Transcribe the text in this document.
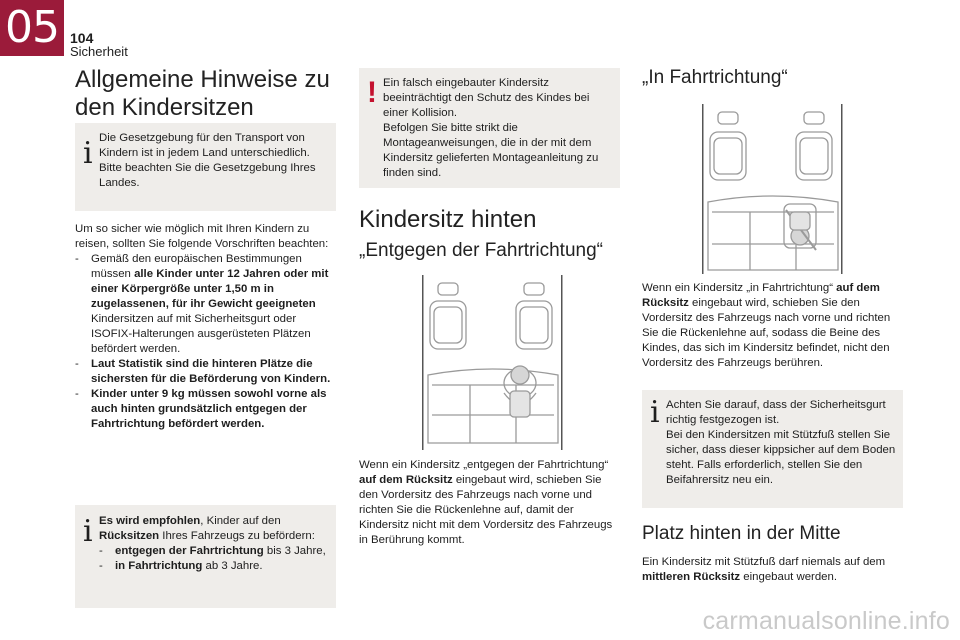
05 104
Sicherheit
Allgemeine Hinweise zu den Kindersitzen
i Die Gesetzgebung für den Transport von Kindern ist in jedem Land unterschiedlich. Bitte beachten Sie die Gesetzgebung Ihres Landes.
Um so sicher wie möglich mit Ihren Kindern zu reisen, sollten Sie folgende Vorschriften beachten:
- Gemäß den europäischen Bestimmungen müssen alle Kinder unter 12 Jahren oder mit einer Körpergröße unter 1,50 m in zugelassenen, für ihr Gewicht geeigneten Kindersitzen auf mit Sicherheitsgurt oder ISOFIX-Halterungen ausgerüsteten Plätzen befördert werden.
- Laut Statistik sind die hinteren Plätze die sichersten für die Beförderung von Kindern.
- Kinder unter 9 kg müssen sowohl vorne als auch hinten grundsätzlich entgegen der Fahrtrichtung befördert werden.
i Es wird empfohlen, Kinder auf den Rücksitzen Ihres Fahrzeugs zu befördern:
- entgegen der Fahrtrichtung bis 3 Jahre,
- in Fahrtrichtung ab 3 Jahre.
! Ein falsch eingebauter Kindersitz beeinträchtigt den Schutz des Kindes bei einer Kollision.
Befolgen Sie bitte strikt die Montageanweisungen, die in der mit dem Kindersitz gelieferten Montageanleitung zu finden sind.
Kindersitz hinten
„Entgegen der Fahrtrichtung“
Wenn ein Kindersitz „entgegen der Fahrtrichtung“ auf dem Rücksitz eingebaut wird, schieben Sie den Vordersitz des Fahrzeugs nach vorne und richten Sie die Rückenlehne auf, damit der Kindersitz nicht mit dem Vordersitz des Fahrzeugs in Berührung kommt.
„In Fahrtrichtung“
Wenn ein Kindersitz „in Fahrtrichtung“ auf dem Rücksitz eingebaut wird, schieben Sie den Vordersitz des Fahrzeugs nach vorne und richten Sie die Rückenlehne auf, sodass die Beine des Kindes, das sich im Kindersitz befindet, nicht den Vordersitz des Fahrzeugs berühren.
i Achten Sie darauf, dass der Sicherheitsgurt richtig festgezogen ist.
Bei den Kindersitzen mit Stützfuß stellen Sie sicher, dass dieser kippsicher auf dem Boden steht. Falls erforderlich, stellen Sie den Beifahrersitz neu ein.
Platz hinten in der Mitte
Ein Kindersitz mit Stützfuß darf niemals auf dem mittleren Rücksitz eingebaut werden.
carmanualsonline.info
